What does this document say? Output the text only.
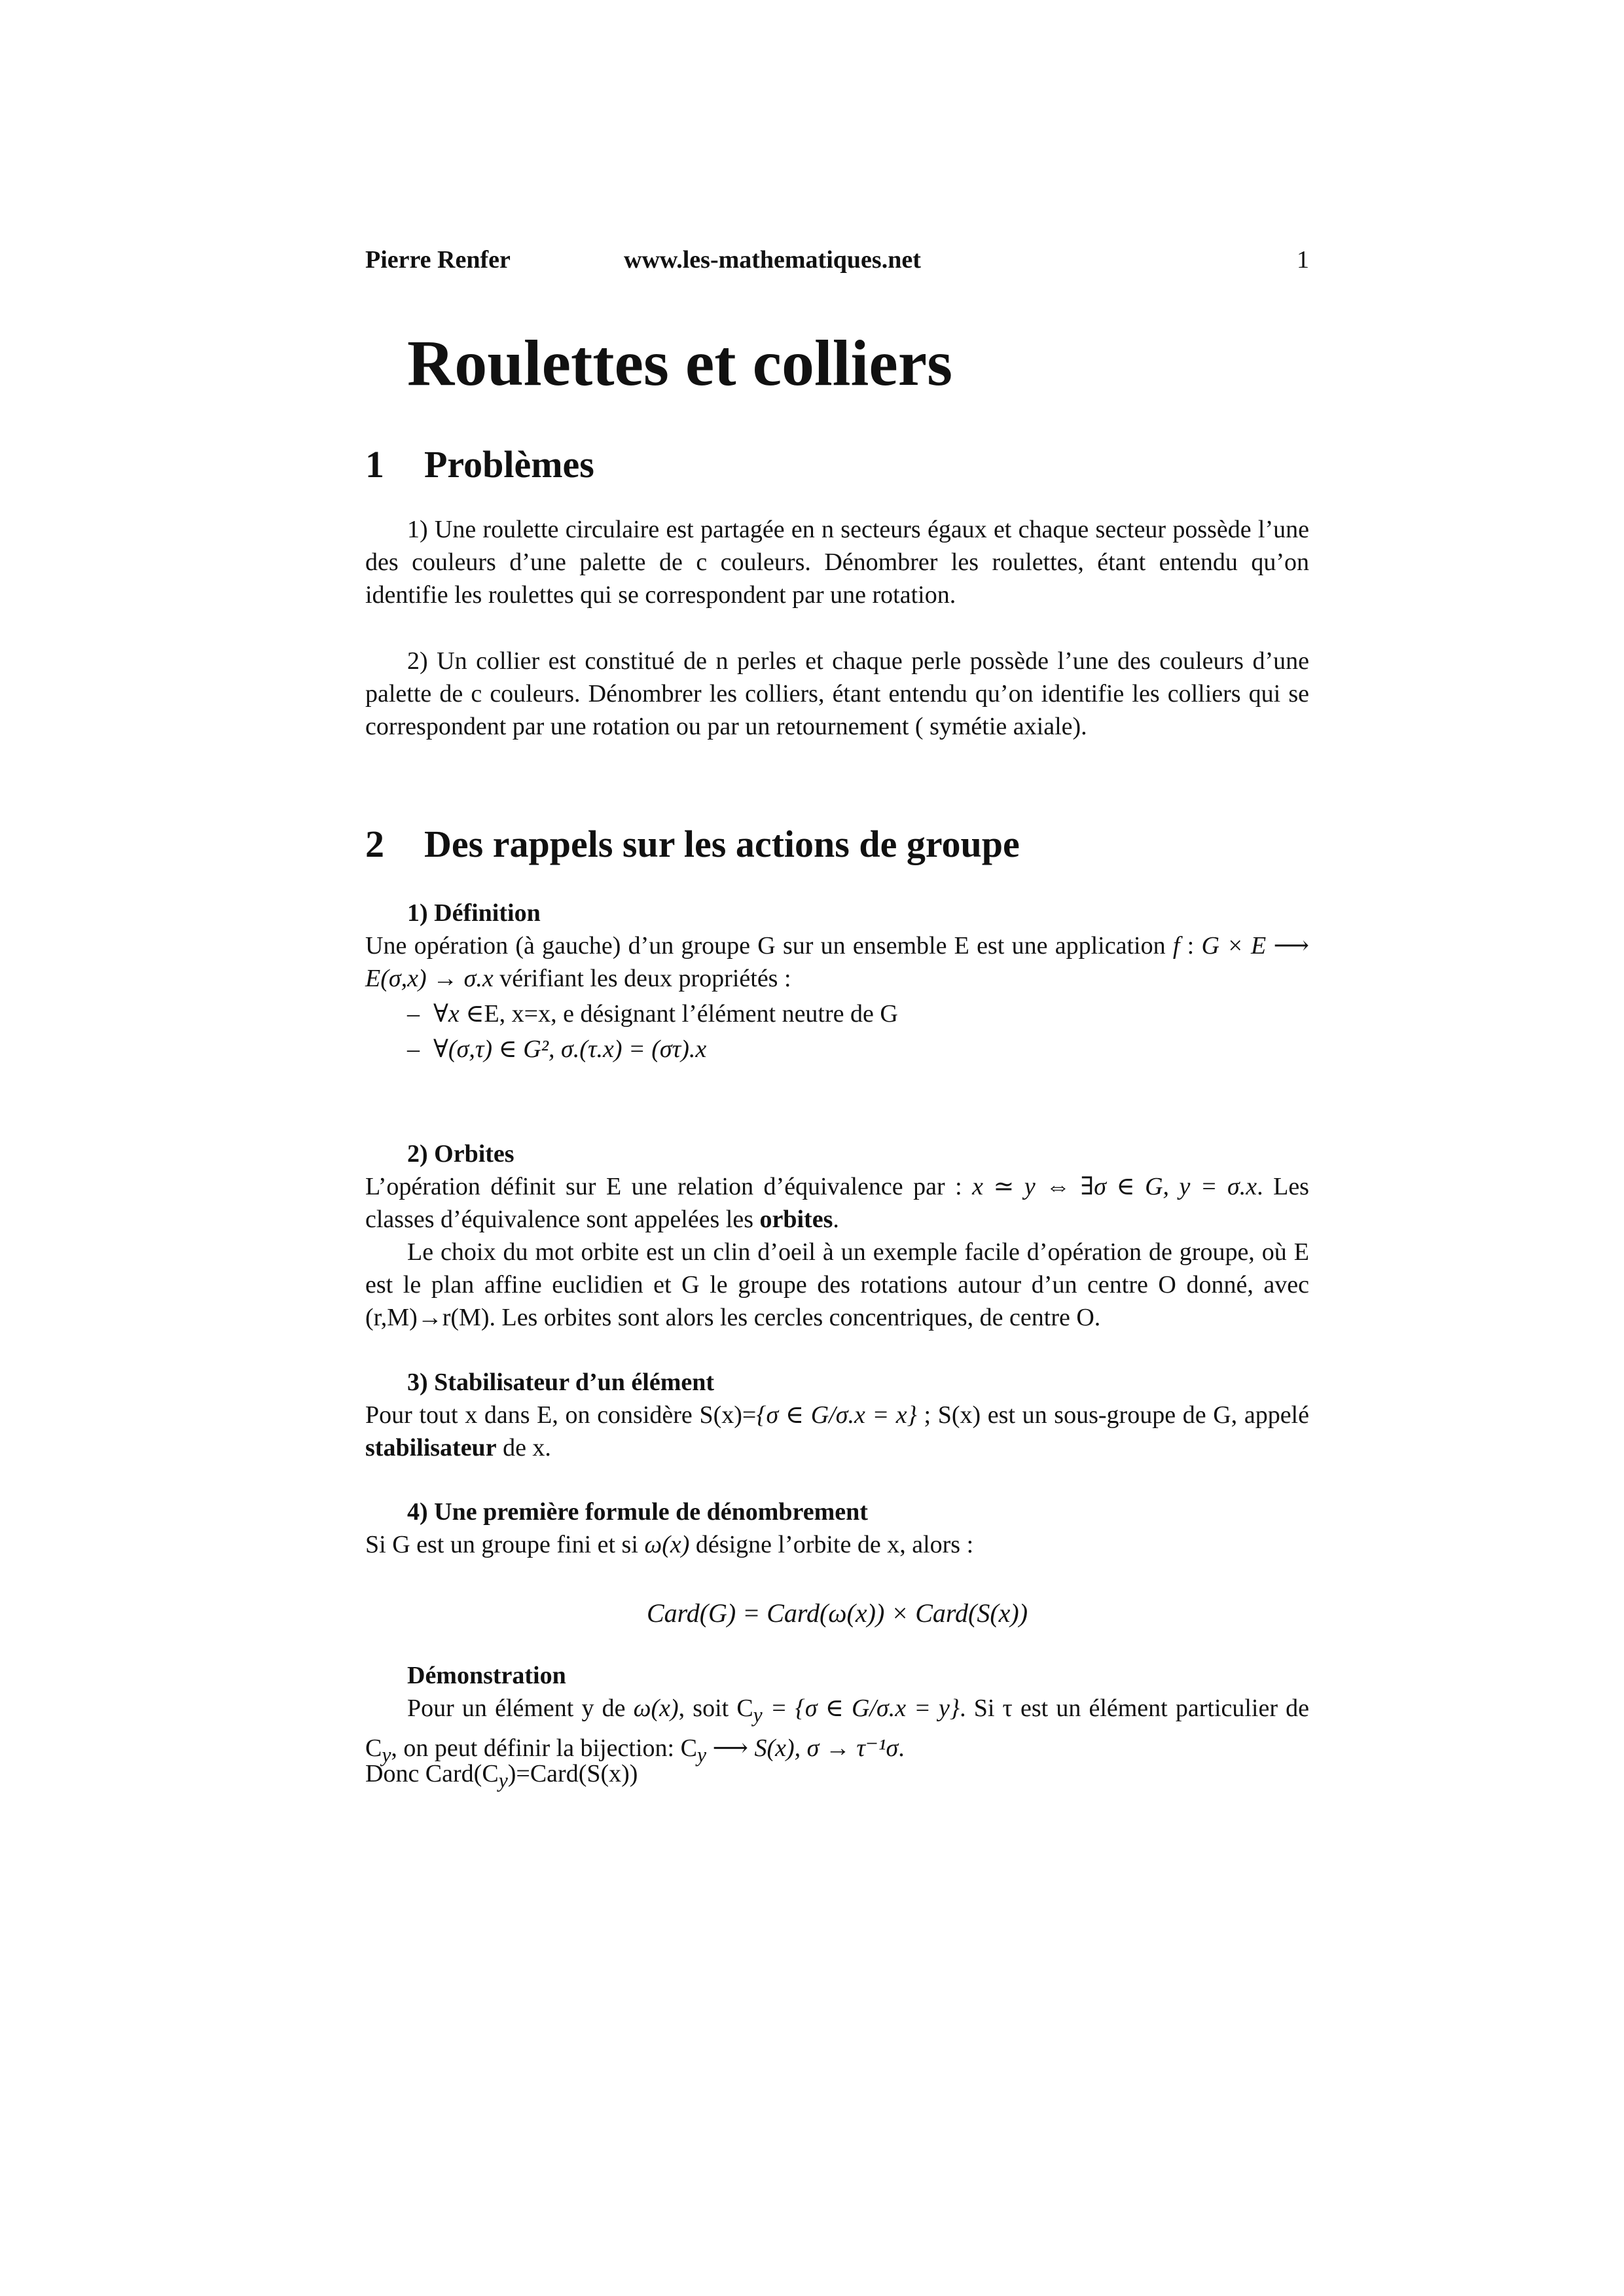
Pierre Renfer	www.les-mathematiques.net	1
Roulettes et colliers
1 Problèmes

1) Une roulette circulaire est partagée en n secteurs égaux et chaque secteur possède l’une des couleurs d’une palette de c couleurs. Dénombrer les roulettes, étant entendu qu’on identifie les roulettes qui se correspondent par une rotation.

2) Un collier est constitué de n perles et chaque perle possède l’une des couleurs d’une palette de c couleurs. Dénombrer les colliers, étant entendu qu’on identifie les colliers qui se correspondent par une rotation ou par un retournement ( symétie axiale).

2 Des rappels sur les actions de groupe

1) Définition

Une opération (à gauche) d’un groupe G sur un ensemble E est une application f : G × E ⟶ E(σ,x) → σ.x vérifiant les deux propriétés :

– ∀x ∈E, x=x, e désignant l’élément neutre de G
– ∀(σ,τ) ∈ G², σ.(τ.x) = (στ).x

2) Orbites

L’opération définit sur E une relation d’équivalence par : x ≃ y ⇔ ∃σ ∈ G, y = σ.x. Les classes d’équivalence sont appelées les orbites.

Le choix du mot orbite est un clin d’oeil à un exemple facile d’opération de groupe, où E est le plan affine euclidien et G le groupe des rotations autour d’un centre O donné, avec (r,M)→r(M). Les orbites sont alors les cercles concentriques, de centre O.

3) Stabilisateur d’un élément

Pour tout x dans E, on considère S(x)={σ ∈ G/σ.x = x} ; S(x) est un sous-groupe de G, appelé stabilisateur de x.

4) Une première formule de dénombrement

Si G est un groupe fini et si ω(x) désigne l’orbite de x, alors :

Card(G) = Card(ω(x)) × Card(S(x))

Démonstration

Pour un élément y de ω(x), soit $C_y = \{\sigma$ ∈ G/σ.x = y}. Si τ est un élément particulier de $C_y$, on peut définir la bijection: $C_y$ ⟶ S(x), σ → τ⁻¹σ.

Donc $Card(C_y)=Card(S(x))$
